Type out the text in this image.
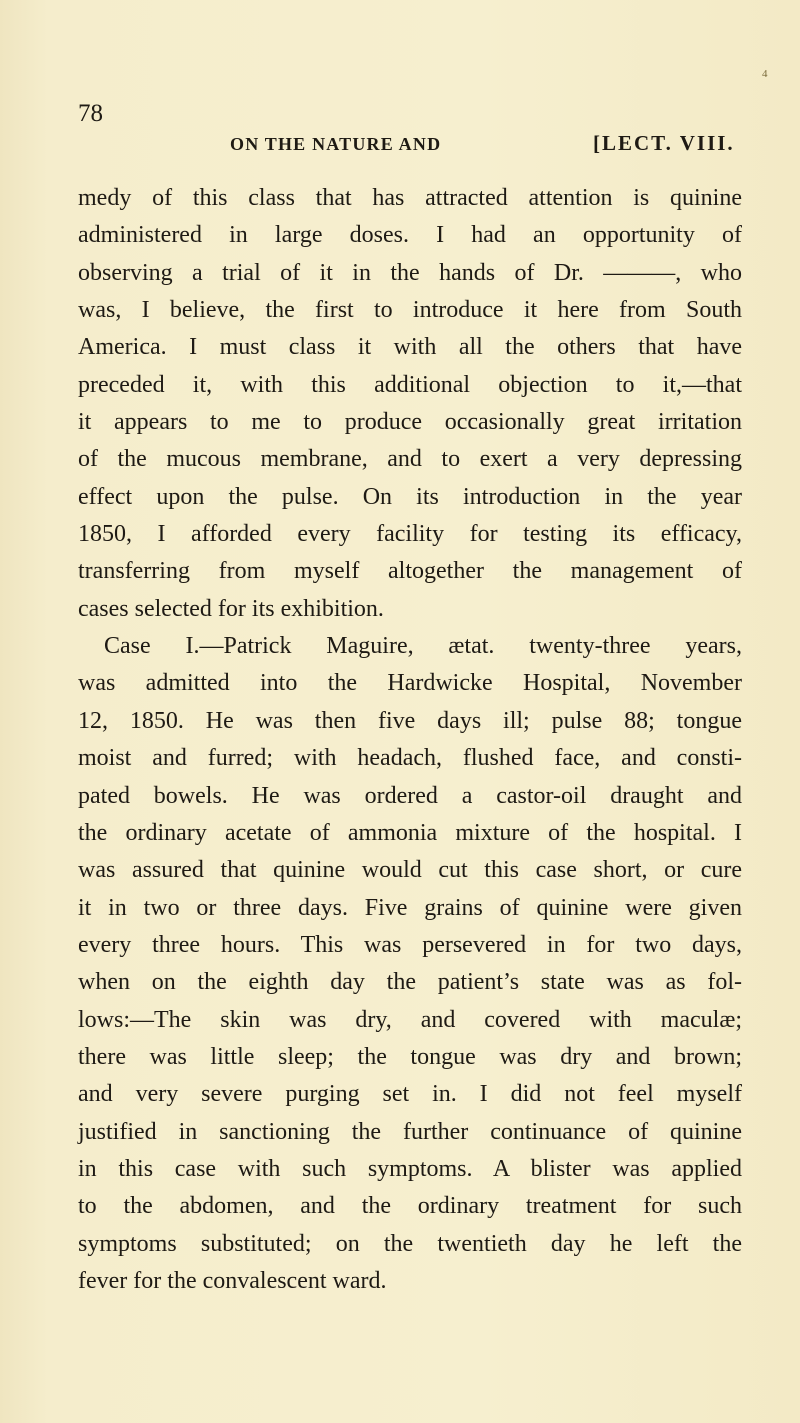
4
78
ON THE NATURE AND	[LECT. VIII.
medy of this class that has attracted attention is quinine
administered in large doses. I had an opportunity of
observing a trial of it in the hands of Dr. ———, who
was, I believe, the first to introduce it here from South
America. I must class it with all the others that have
preceded it, with this additional objection to it,—that
it appears to me to produce occasionally great irritation
of the mucous membrane, and to exert a very depressing
effect upon the pulse. On its introduction in the year
1850, I afforded every facility for testing its efficacy,
transferring from myself altogether the management of
cases selected for its exhibition.
Case I.—Patrick Maguire, ætat. twenty-three years,
was admitted into the Hardwicke Hospital, November
12, 1850. He was then five days ill; pulse 88; tongue
moist and furred; with headach, flushed face, and consti-
pated bowels. He was ordered a castor-oil draught and
the ordinary acetate of ammonia mixture of the hospital. I
was assured that quinine would cut this case short, or cure
it in two or three days. Five grains of quinine were given
every three hours. This was persevered in for two days,
when on the eighth day the patient’s state was as fol-
lows:—The skin was dry, and covered with maculæ;
there was little sleep; the tongue was dry and brown;
and very severe purging set in. I did not feel myself
justified in sanctioning the further continuance of quinine
in this case with such symptoms. A blister was applied
to the abdomen, and the ordinary treatment for such
symptoms substituted; on the twentieth day he left the
fever for the convalescent ward.
